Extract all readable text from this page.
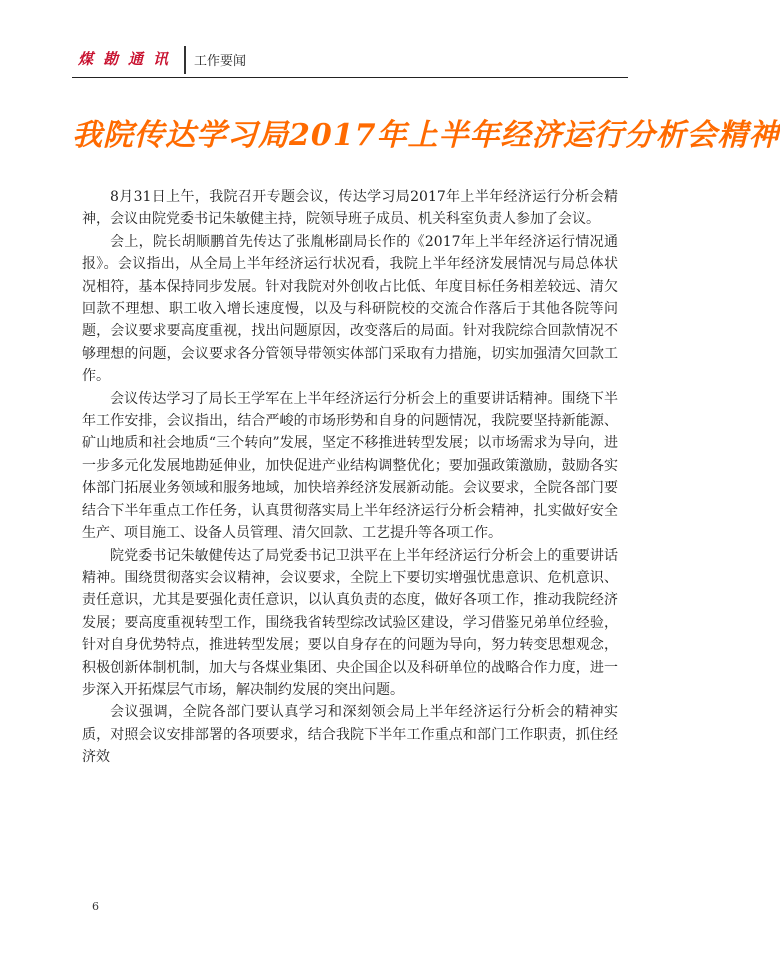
煤勘通讯 工作要闻
我院传达学习局2017年上半年经济运行分析会精神

8月31日上午，我院召开专题会议，传达学习局2017年上半年经济运行分析会精神，会议由院党委书记朱敏健主持，院领导班子成员、机关科室负责人参加了会议。

会上，院长胡顺鹏首先传达了张胤彬副局长作的《2017年上半年经济运行情况通报》。会议指出，从全局上半年经济运行状况看，我院上半年经济发展情况与局总体状况相符，基本保持同步发展。针对我院对外创收占比低、年度目标任务相差较远、清欠回款不理想、职工收入增长速度慢，以及与科研院校的交流合作落后于其他各院等问题，会议要求要高度重视，找出问题原因，改变落后的局面。针对我院综合回款情况不够理想的问题，会议要求各分管领导带领实体部门采取有力措施，切实加强清欠回款工作。

会议传达学习了局长王学军在上半年经济运行分析会上的重要讲话精神。围绕下半年工作安排，会议指出，结合严峻的市场形势和自身的问题情况，我院要坚持新能源、矿山地质和社会地质“三个转向”发展，坚定不移推进转型发展；以市场需求为导向，进一步多元化发展地勘延伸业，加快促进产业结构调整优化；要加强政策激励，鼓励各实体部门拓展业务领域和服务地域，加快培养经济发展新动能。会议要求，全院各部门要结合下半年重点工作任务，认真贯彻落实局上半年经济运行分析会精神，扎实做好安全生产、项目施工、设备人员管理、清欠回款、工艺提升等各项工作。

院党委书记朱敏健传达了局党委书记卫洪平在上半年经济运行分析会上的重要讲话精神。围绕贯彻落实会议精神，会议要求，全院上下要切实增强忧患意识、危机意识、责任意识，尤其是要强化责任意识，以认真负责的态度，做好各项工作，推动我院经济发展；要高度重视转型工作，围绕我省转型综改试验区建设，学习借鉴兄弟单位经验，针对自身优势特点，推进转型发展；要以自身存在的问题为导向，努力转变思想观念，积极创新体制机制，加大与各煤业集团、央企国企以及科研单位的战略合作力度，进一步深入开拓煤层气市场，解决制约发展的突出问题。

会议强调，全院各部门要认真学习和深刻领会局上半年经济运行分析会的精神实质，对照会议安排部署的各项要求，结合我院下半年工作重点和部门工作职责，抓住经济效

6
